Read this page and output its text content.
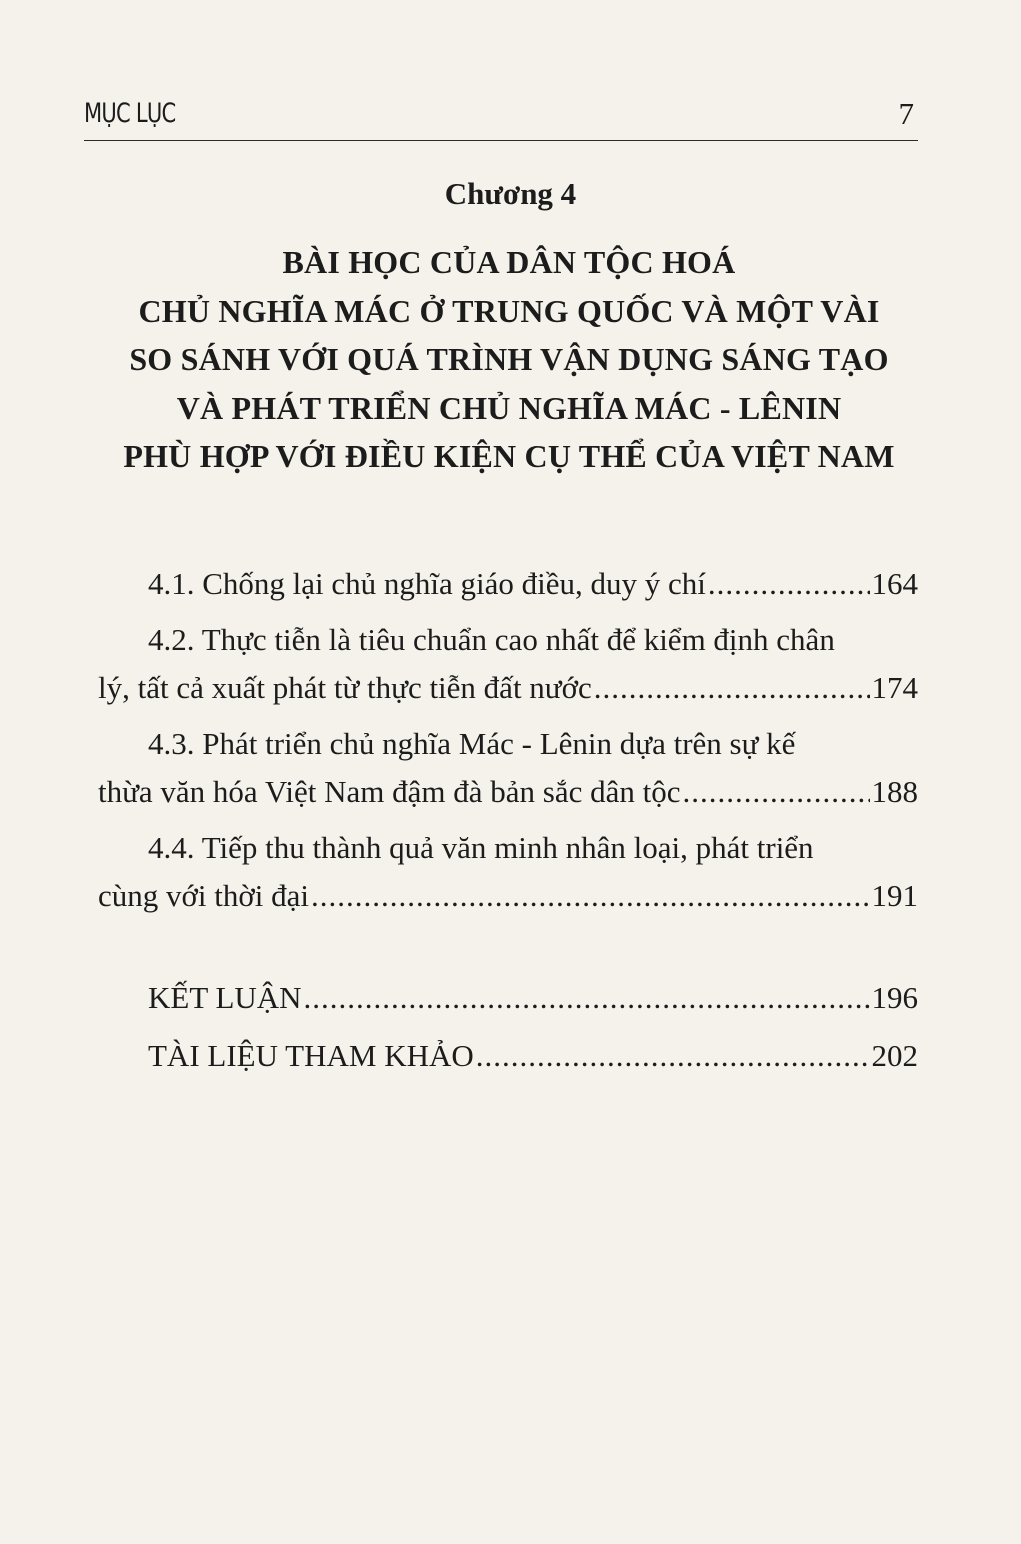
MỤC LỤC	7
Chương 4
BÀI HỌC CỦA DÂN TỘC HOÁ
CHỦ NGHĨA MÁC Ở TRUNG QUỐC VÀ MỘT VÀI
SO SÁNH VỚI QUÁ TRÌNH VẬN DỤNG SÁNG TẠO
VÀ PHÁT TRIỂN CHỦ NGHĨA MÁC - LÊNIN
PHÙ HỢP VỚI ĐIỀU KIỆN CỤ THỂ CỦA VIỆT NAM
4.1. Chống lại chủ nghĩa giáo điều, duy ý chí .....	164
4.2. Thực tiễn là tiêu chuẩn cao nhất để kiểm định chân
lý, tất cả xuất phát từ thực tiễn đất nước .....	174
4.3. Phát triển chủ nghĩa Mác - Lênin dựa trên sự kế
thừa văn hóa Việt Nam đậm đà bản sắc dân tộc .....	188
4.4. Tiếp thu thành quả văn minh nhân loại, phát triển
cùng với thời đại .....	191
KẾT LUẬN .....	196
TÀI LIỆU THAM KHẢO .....	202
